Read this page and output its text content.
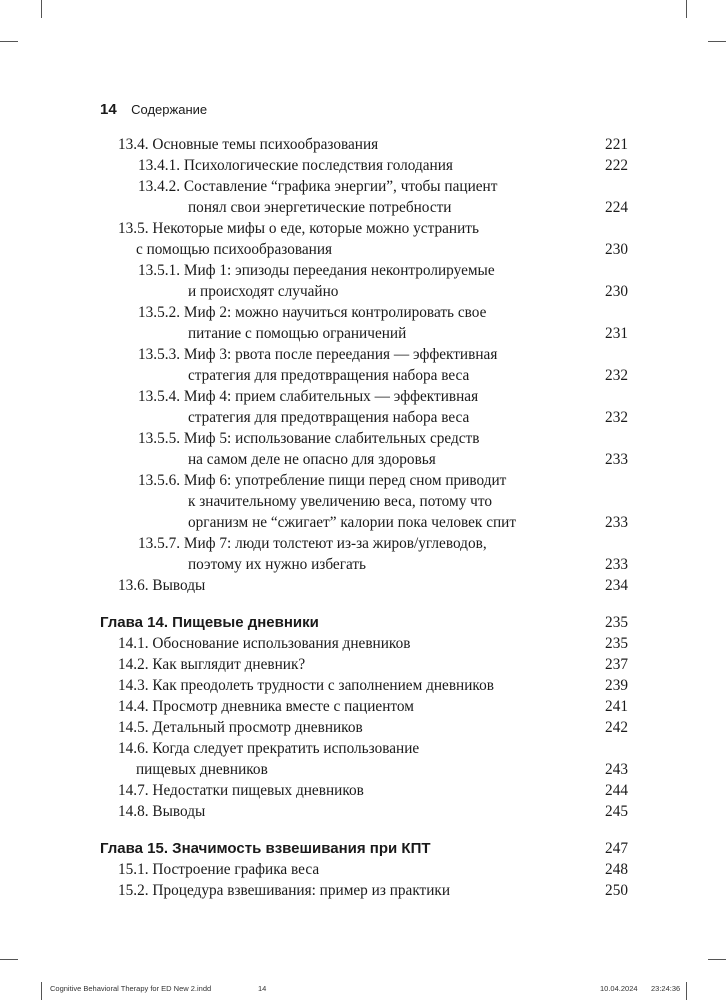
14 Содержание
13.4. Основные темы психообразования	221
13.4.1. Психологические последствия голодания	222
13.4.2. Составление “графика энергии”, чтобы пациент
понял свои энергетические потребности	224
13.5. Некоторые мифы о еде, которые можно устранить
с помощью психообразования	230
13.5.1. Миф 1: эпизоды переедания неконтролируемые
и происходят случайно	230
13.5.2. Миф 2: можно научиться контролировать свое
питание с помощью ограничений	231
13.5.3. Миф 3: рвота после переедания — эффективная
стратегия для предотвращения набора веса	232
13.5.4. Миф 4: прием слабительных — эффективная
стратегия для предотвращения набора веса	232
13.5.5. Миф 5: использование слабительных средств
на самом деле не опасно для здоровья	233
13.5.6. Миф 6: употребление пищи перед сном приводит
к значительному увеличению веса, потому что
организм не “сжигает” калории пока человек спит	233
13.5.7. Миф 7: люди толстеют из-за жиров/углеводов,
поэтому их нужно избегать	233
13.6. Выводы	234
Глава 14. Пищевые дневники	235
14.1. Обоснование использования дневников	235
14.2. Как выглядит дневник?	237
14.3. Как преодолеть трудности с заполнением дневников	239
14.4. Просмотр дневника вместе с пациентом	241
14.5. Детальный просмотр дневников	242
14.6. Когда следует прекратить использование
пищевых дневников	243
14.7. Недостатки пищевых дневников	244
14.8. Выводы	245
Глава 15. Значимость взвешивания при КПТ	247
15.1. Построение графика веса	248
15.2. Процедура взвешивания: пример из практики	250
Cognitive Behavioral Therapy for ED New 2.indd	14	10.04.2024 23:24:36
